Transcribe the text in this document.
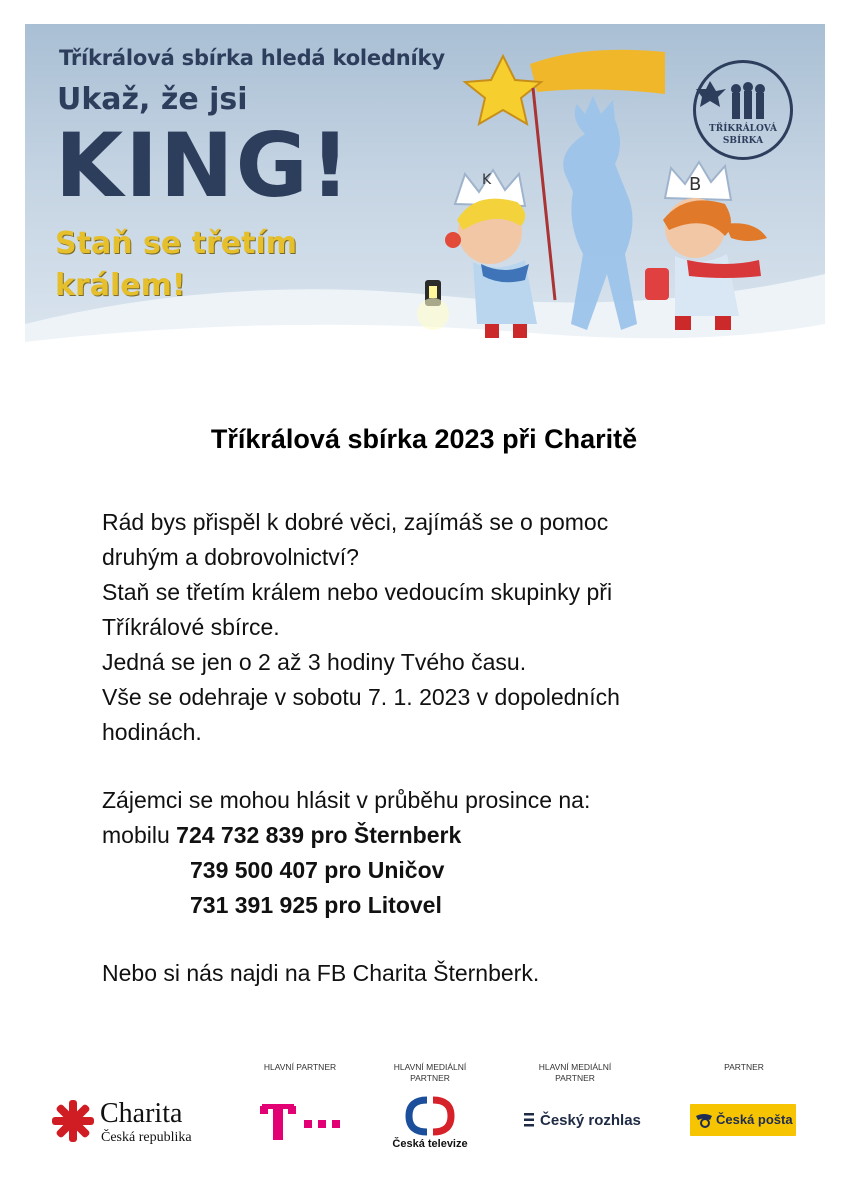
Tříkrálová sbírka hledá koledníky
Ukaž, že jsi
KING!
Staň se třetím
králem!
K	B
TŘÍKRÁLOVÁ
SBÍRKA
Tříkrálová sbírka 2023 při Charitě

Rád bys přispěl k dobré věci, zajímáš se o pomoc

druhým a dobrovolnictví?

Staň se třetím králem nebo vedoucím skupinky při

Tříkrálové sbírce.

Jedná se jen o 2 až 3 hodiny Tvého času.

Vše se odehraje v sobotu 7. 1. 2023 v dopoledních

hodinách.

Zájemci se mohou hlásit v průběhu prosince na:

mobilu 724 732 839 pro Šternberk

739 500 407 pro Uničov

731 391 925 pro Litovel

Nebo si nás najdi na FB Charita Šternberk.

Charita
Česká republika
HLAVNÍ PARTNER	HLAVNÍ MEDIÁLNÍ
PARTNER
Česká televize
HLAVNÍ MEDIÁLNÍ
PARTNER
Český rozhlas
PARTNER
Česká pošta
